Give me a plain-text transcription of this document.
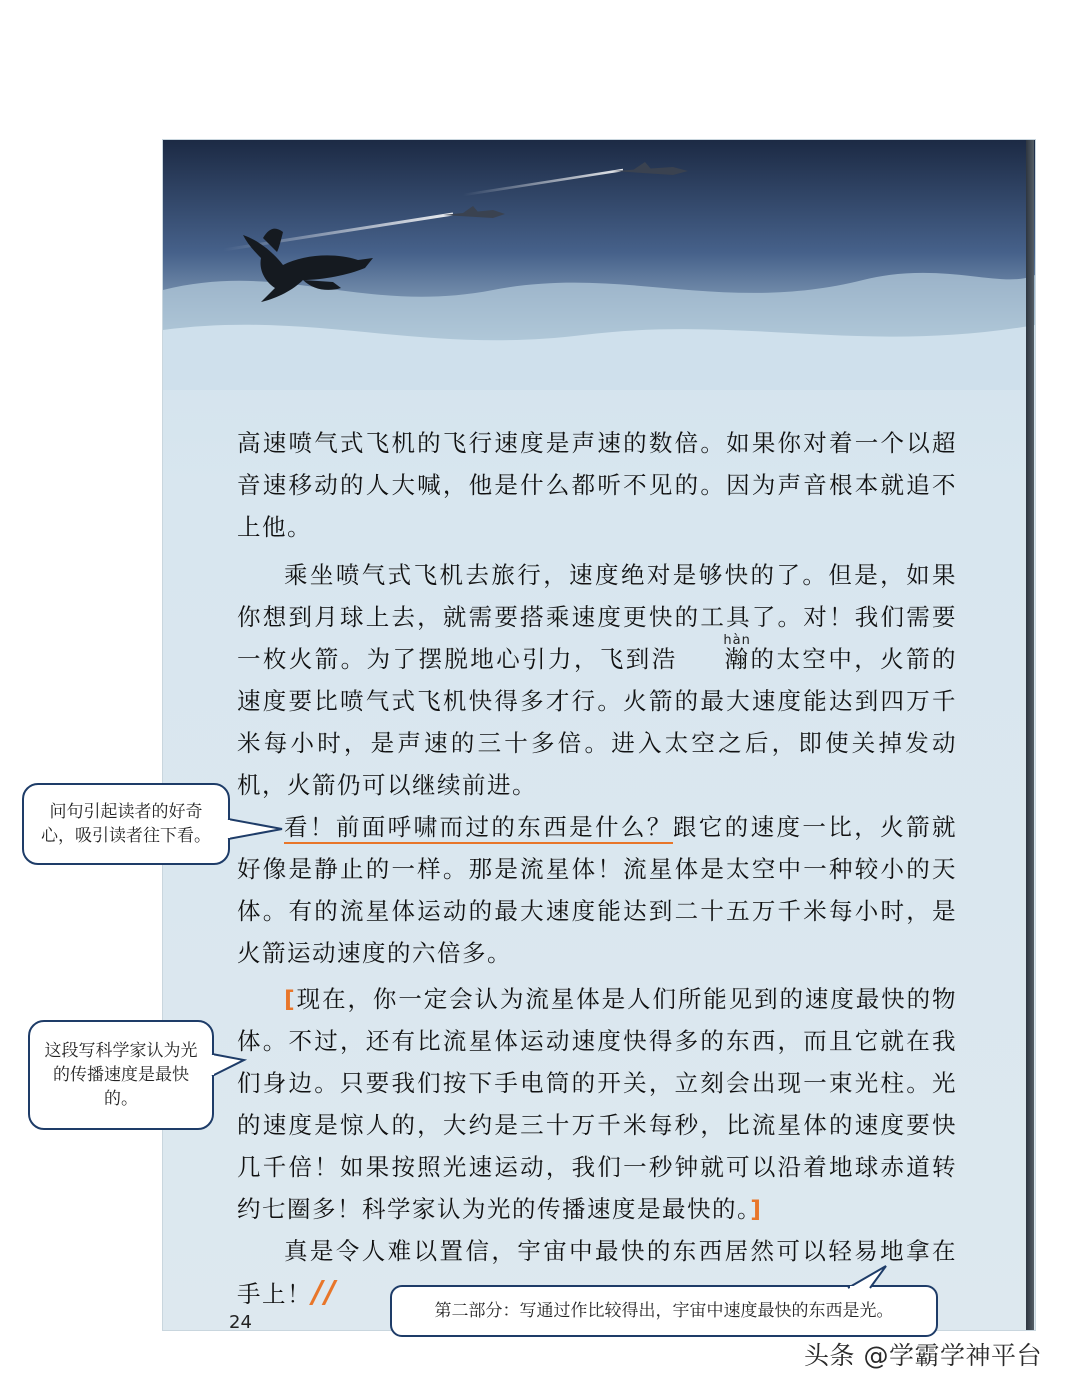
高速喷气式飞机的飞行速度是声速的数倍。如果你对着一个以超音速移动的人大喊，他是什么都听不见的。因为声音根本就追不上他。

乘坐喷气式飞机去旅行，速度绝对是够快的了。但是，如果你想到月球上去，就需要搭乘速度更快的工具了。对！我们需要一枚火箭。为了摆脱地心引力，飞到浩
hàn
瀚的太空中，火箭的速度要比喷气式飞机快得多才行。火箭的最大速度能达到四万千米每小时，是声速的三十多倍。进入太空之后，即使关掉发动机，火箭仍可以继续前进。

看！前面呼啸而过的东西是什么？跟它的速度一比，火箭就好像是静止的一样。那是流星体！流星体是太空中一种较小的天体。有的流星体运动的最大速度能达到二十五万千米每小时，是火箭运动速度的六倍多。

[现在，你一定会认为流星体是人们所能见到的速度最快的物体。不过，还有比流星体运动速度快得多的东西，而且它就在我们身边。只要我们按下手电筒的开关，立刻会出现一束光柱。光的速度是惊人的，大约是三十万千米每秒，比流星体的速度要快几千倍！如果按照光速运动，我们一秒钟就可以沿着地球赤道转约七圈多！科学家认为光的传播速度是最快的。]

真是令人难以置信，宇宙中最快的东西居然可以轻易地拿在手上！//

24
问句引起读者的好奇心，吸引读者往下看。
这段写科学家认为光的传播速度是最快的。
第二部分：写通过作比较得出，宇宙中速度最快的东西是光。
头条 @学霸学神平台
